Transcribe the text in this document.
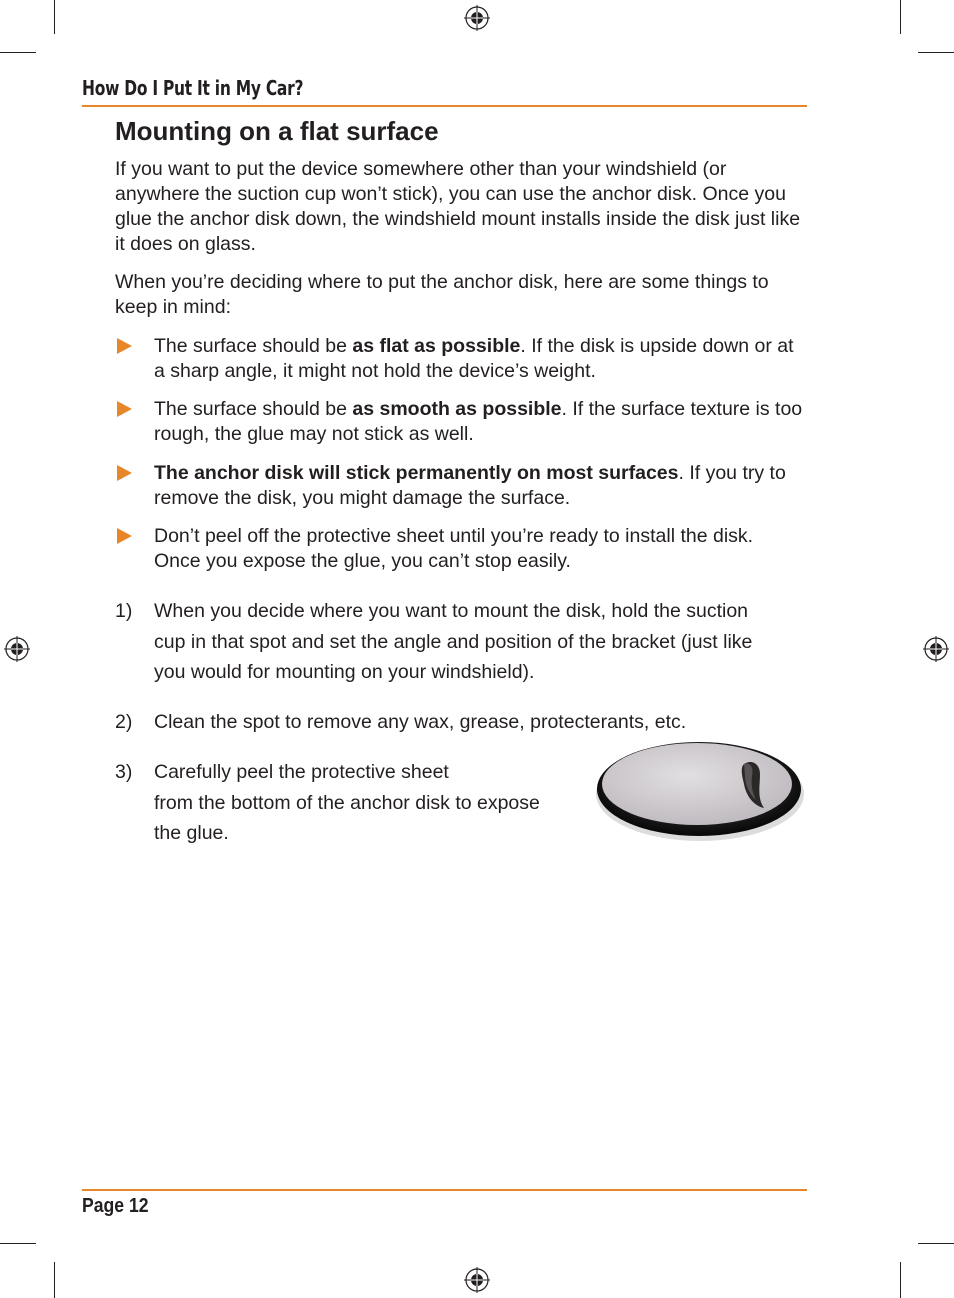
How Do I Put It in My Car?
Mounting on a flat surface
If you want to put the device somewhere other than your windshield (or anywhere the suction cup won’t stick), you can use the anchor disk. Once you glue the anchor disk down, the windshield mount installs inside the disk just like it does on glass.
When you’re deciding where to put the anchor disk, here are some things to keep in mind:
The surface should be as flat as possible. If the disk is upside down or at a sharp angle, it might not hold the device’s weight.
The surface should be as smooth as possible. If the surface texture is too rough, the glue may not stick as well.
The anchor disk will stick permanently on most surfaces. If you try to remove the disk, you might damage the surface.
Don’t peel off the protective sheet until you’re ready to install the disk. Once you expose the glue, you can’t stop easily.
1) When you decide where you want to mount the disk, hold the suction
cup in that spot and set the angle and position of the bracket (just like
you would for mounting on your windshield).
2) Clean the spot to remove any wax, grease, protecterants, etc.
3) Carefully peel the protective sheet
from the bottom of the anchor disk to expose
the glue.
Page 12
